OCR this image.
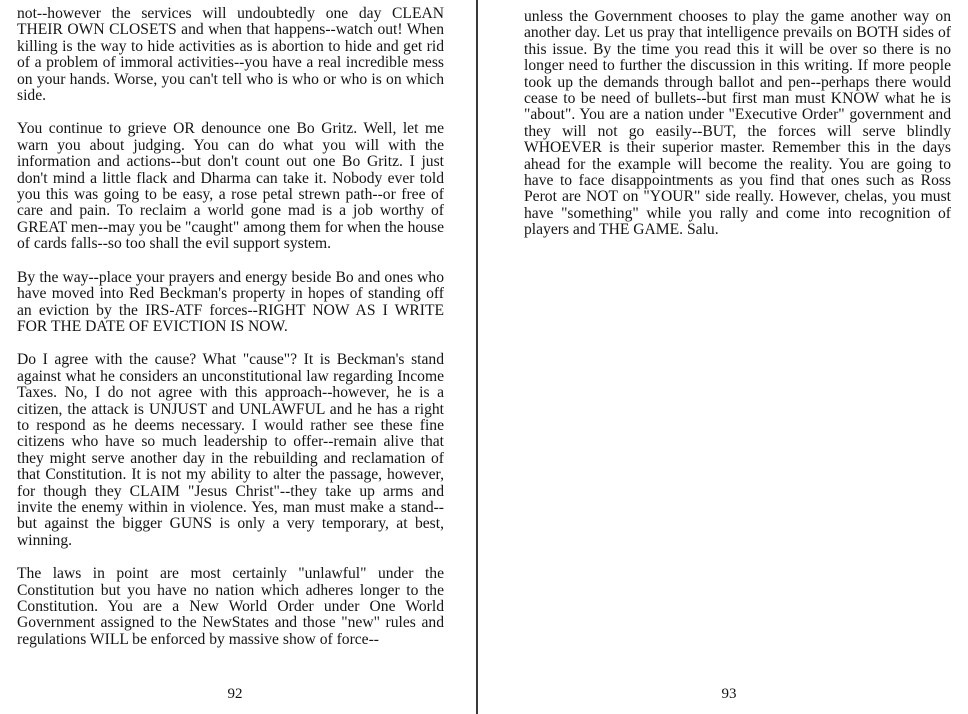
not--however the services will undoubtedly one day CLEAN THEIR OWN CLOSETS and when that happens--watch out! When killing is the way to hide activities as is abortion to hide and get rid of a problem of immoral activities--you have a real incredible mess on your hands. Worse, you can't tell who is who or who is on which side.

You continue to grieve OR denounce one Bo Gritz. Well, let me warn you about judging. You can do what you will with the information and actions--but don't count out one Bo Gritz. I just don't mind a little flack and Dharma can take it. Nobody ever told you this was going to be easy, a rose petal strewn path--or free of care and pain. To reclaim a world gone mad is a job worthy of GREAT men--may you be "caught" among them for when the house of cards falls--so too shall the evil support system.

By the way--place your prayers and energy beside Bo and ones who have moved into Red Beckman's property in hopes of standing off an eviction by the IRS-ATF forces--RIGHT NOW AS I WRITE FOR THE DATE OF EVICTION IS NOW.

Do I agree with the cause? What "cause"? It is Beckman's stand against what he considers an unconstitutional law regarding Income Taxes. No, I do not agree with this approach--however, he is a citizen, the attack is UNJUST and UNLAWFUL and he has a right to respond as he deems necessary. I would rather see these fine citizens who have so much leadership to offer--remain alive that they might serve another day in the rebuilding and reclamation of that Constitution. It is not my ability to alter the passage, however, for though they CLAIM "Jesus Christ"--they take up arms and invite the enemy within in violence. Yes, man must make a stand--but against the bigger GUNS is only a very temporary, at best, winning.

The laws in point are most certainly "unlawful" under the Constitution but you have no nation which adheres longer to the Constitution. You are a New World Order under One World Government assigned to the NewStates and those "new" rules and regulations WILL be enforced by massive show of force--

92

unless the Government chooses to play the game another way on another day. Let us pray that intelligence prevails on BOTH sides of this issue. By the time you read this it will be over so there is no longer need to further the discussion in this writing. If more people took up the demands through ballot and pen--perhaps there would cease to be need of bullets--but first man must KNOW what he is "about". You are a nation under "Executive Order" government and they will not go easily--BUT, the forces will serve blindly WHOEVER is their superior master. Remember this in the days ahead for the example will become the reality. You are going to have to face disappointments as you find that ones such as Ross Perot are NOT on "YOUR" side really. However, chelas, you must have "something" while you rally and come into recognition of players and THE GAME. Salu.

93
